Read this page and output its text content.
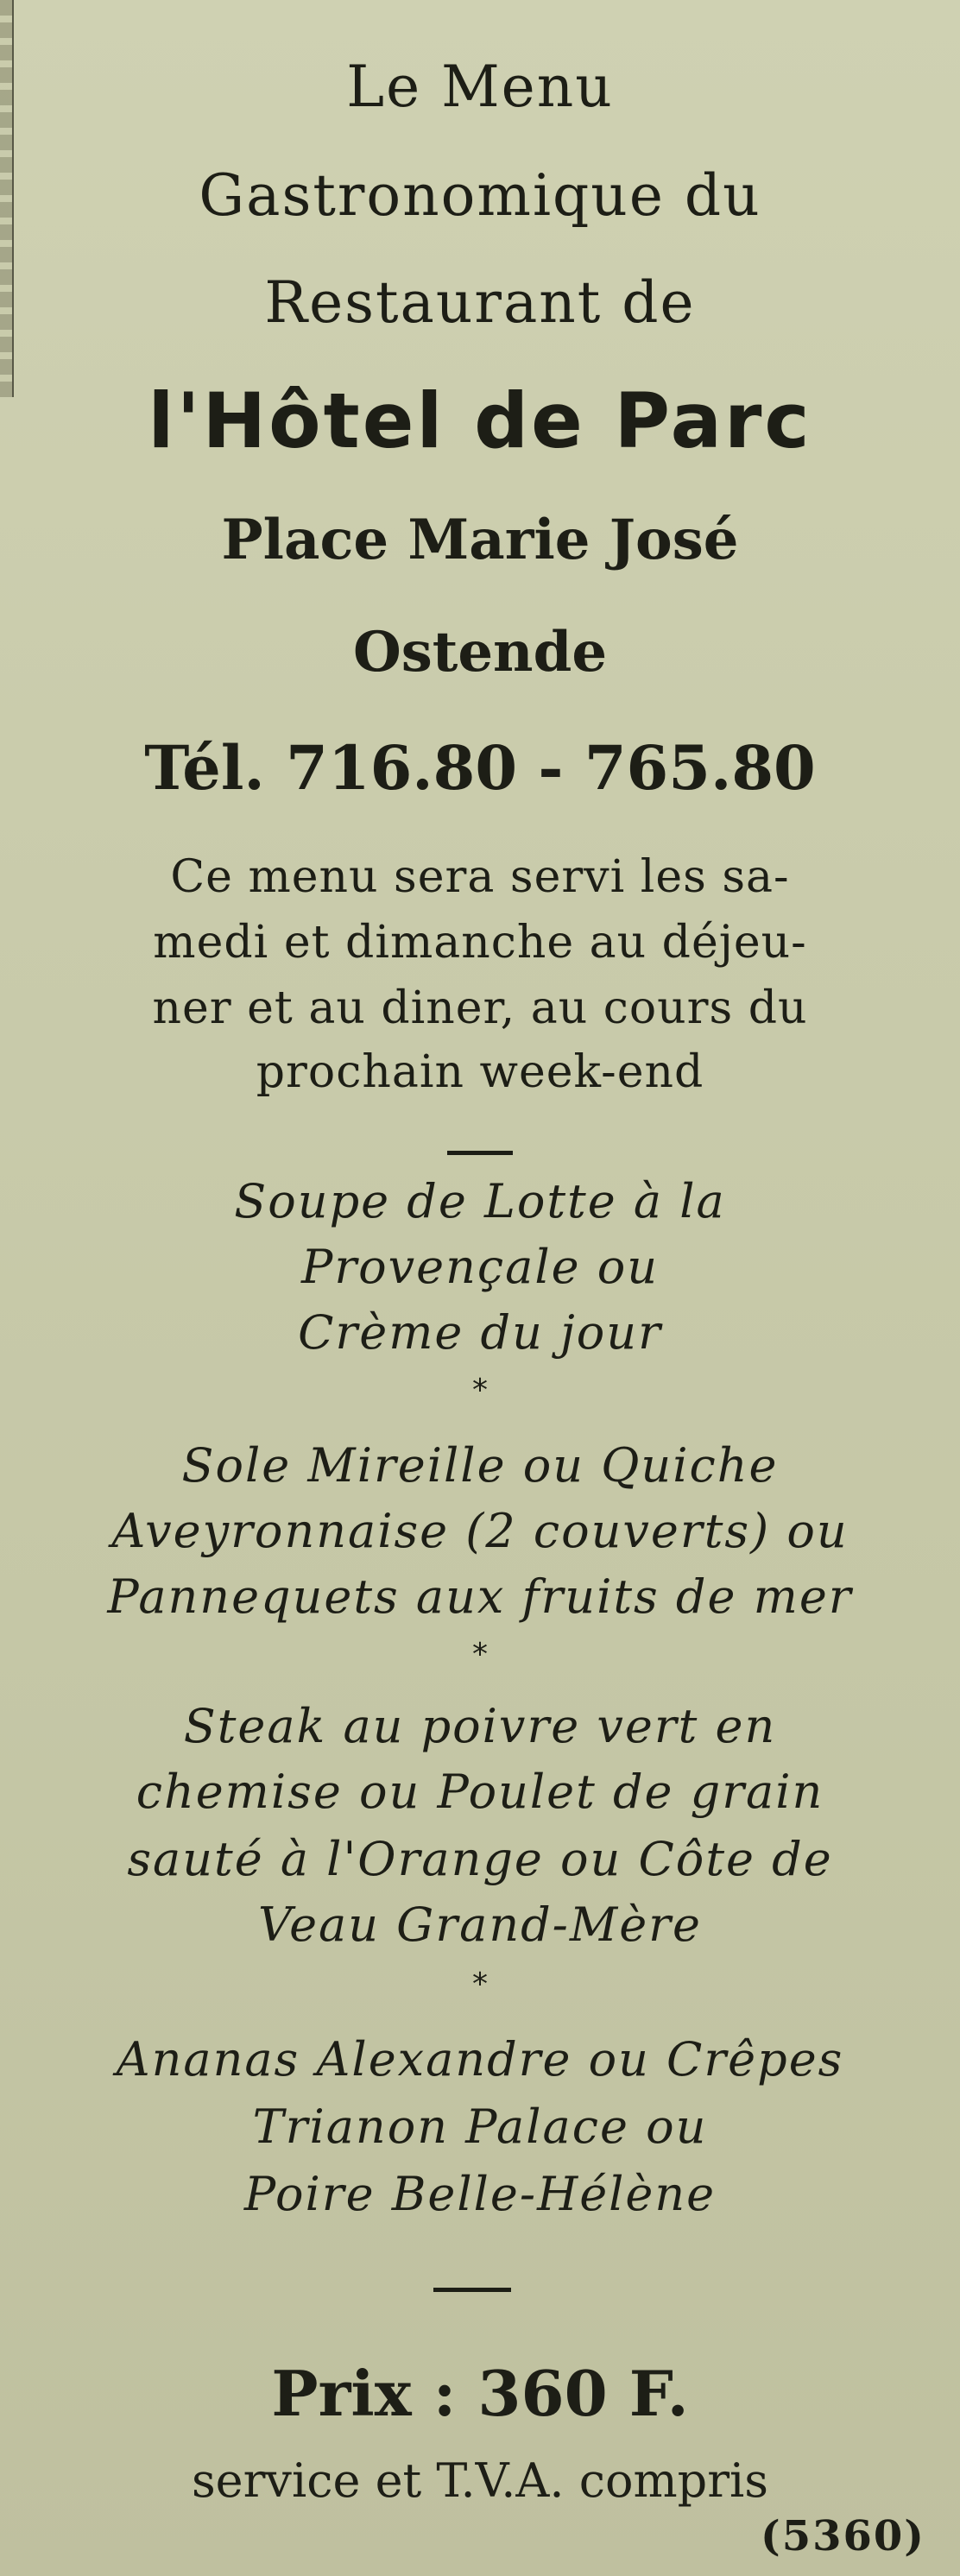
Le Menu
Gastronomique du
Restaurant de
l'Hôtel de Parc
Place Marie José
Ostende
Tél. 716.80 - 765.80
Ce menu sera servi les sa-
medi et dimanche au déjeu-
ner et au diner, au cours du
prochain week-end
Soupe de Lotte à la
Provençale ou
Crème du jour
*
Sole Mireille ou Quiche
Aveyronnaise (2 couverts) ou
Pannequets aux fruits de mer
*
Steak au poivre vert en
chemise ou Poulet de grain
sauté à l'Orange ou Côte de
Veau Grand-Mère
*
Ananas Alexandre ou Crêpes
Trianon Palace ou
Poire Belle-Hélène
Prix : 360 F.
service et T.V.A. compris
(5360)
